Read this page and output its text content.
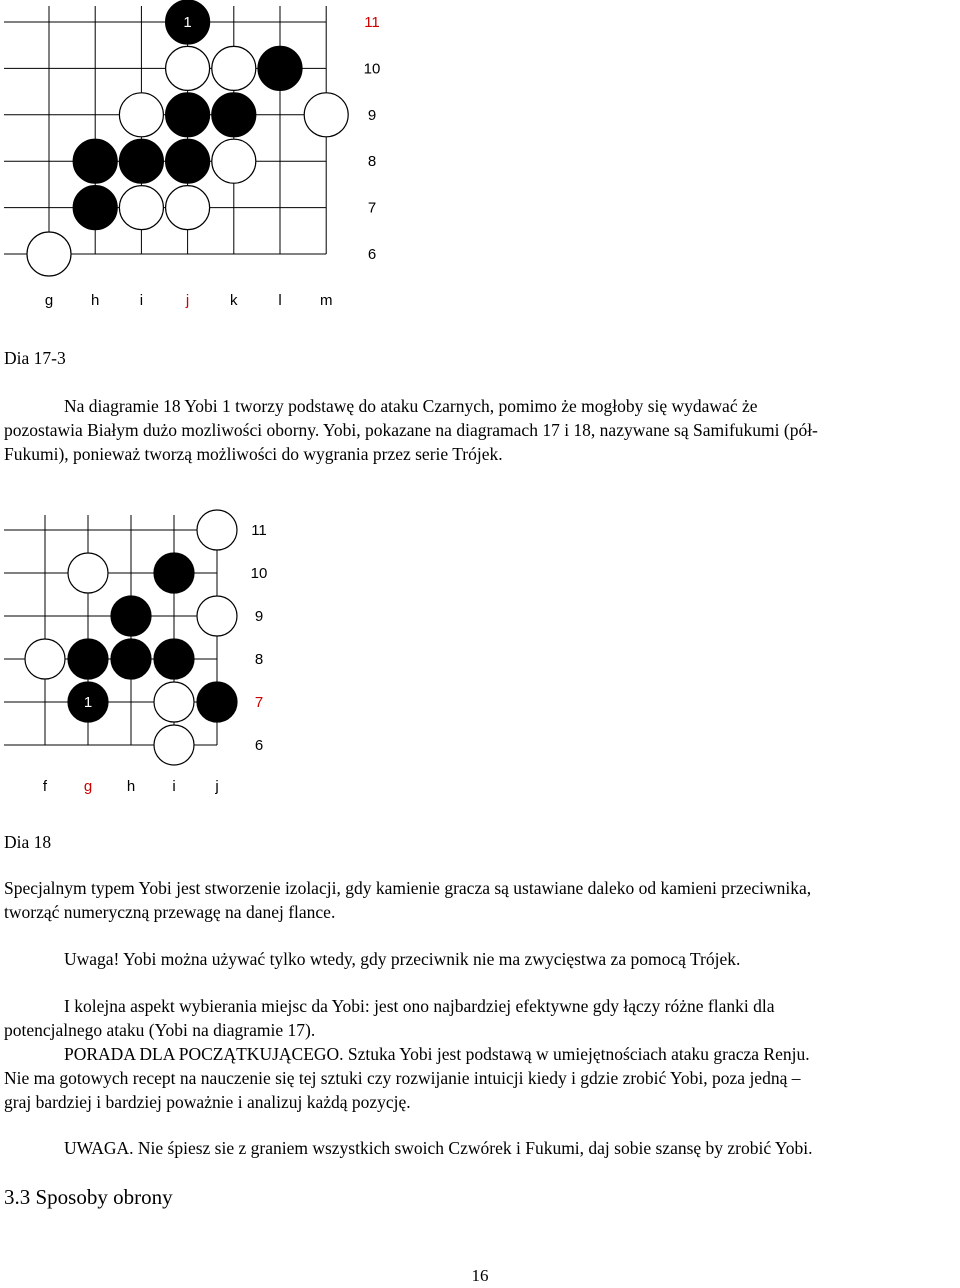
1	11
10
9
8
7
6
g	h	i	j	k	l	m
Dia 17-3

Na diagramie 18 Yobi 1 tworzy podstawę do ataku Czarnych, pomimo że mogłoby się wydawać że

pozostawia Białym dużo mozliwości oborny. Yobi, pokazane na diagramach 17 i 18, nazywane są Samifukumi (pół-

Fukumi), ponieważ tworzą możliwości do wygrania przez serie Trójek.

1
11
10
9
8
7
6
f g h i	j
Dia 18

Specjalnym typem Yobi jest stworzenie izolacji, gdy kamienie gracza są ustawiane daleko od kamieni przeciwnika,

tworząć numeryczną przewagę na danej flance.

Uwaga! Yobi można używać tylko wtedy, gdy przeciwnik nie ma zwycięstwa za pomocą Trójek.

I kolejna aspekt wybierania miejsc da Yobi: jest ono najbardziej efektywne gdy łączy różne flanki dla

potencjalnego ataku (Yobi na diagramie 17).

PORADA DLA POCZĄTKUJĄCEGO. Sztuka Yobi jest podstawą w umiejętnościach ataku gracza Renju.

Nie ma gotowych recept na nauczenie się tej sztuki czy rozwijanie intuicji kiedy i gdzie zrobić Yobi, poza jedną –

graj bardziej i bardziej poważnie i analizuj każdą pozycję.

UWAGA. Nie śpiesz sie z graniem wszystkich swoich Czwórek i Fukumi, daj sobie szansę by zrobić Yobi.

3.3 Sposoby obrony
16
